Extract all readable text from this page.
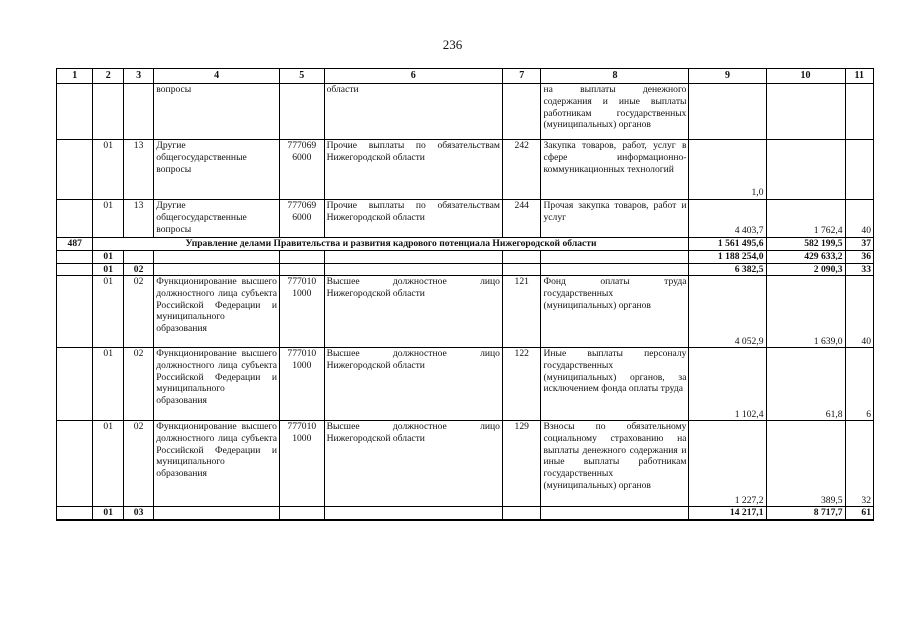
236
1	2	3	4	5	6	7	8	9	10	11
			вопросы		области		на выплаты денежного содержания и иные выплаты работникам государственных (муниципальных) органов			
	01	13	Другие общегосударственные вопросы	777069 6000	Прочие выплаты по обязательствам Нижегородской области	242	Закупка товаров, работ, услуг в сфере информационно-коммуникационных технологий	1,0		
	01	13	Другие общегосударственные вопросы	777069 6000	Прочие выплаты по обязательствам Нижегородской области	244	Прочая закупка товаров, работ и услуг	4 403,7	1 762,4	40
487	Управление делами Правительства и развития кадрового потенциала Нижегородской области							1 561 495,6	582 199,5	37
	01							1 188 254,0	429 633,2	36
	01	02						6 382,5	2 090,3	33
	01	02	Функционирование высшего должностного лица субъекта Российской Федерации и муниципального образования	777010 1000	Высшее должностное лицо Нижегородской области	121	Фонд оплаты труда государственных (муниципальных) органов	4 052,9	1 639,0	40
	01	02	Функционирование высшего должностного лица субъекта Российской Федерации и муниципального образования	777010 1000	Высшее должностное лицо Нижегородской области	122	Иные выплаты персоналу государственных (муниципальных) органов, за исключением фонда оплаты труда	1 102,4	61,8	6
	01	02	Функционирование высшего должностного лица субъекта Российской Федерации и муниципального образования	777010 1000	Высшее должностное лицо Нижегородской области	129	Взносы по обязательному социальному страхованию на выплаты денежного содержания и иные выплаты работникам государственных (муниципальных) органов	1 227,2	389,5	32
	01	03						14 217,1	8 717,7	61
